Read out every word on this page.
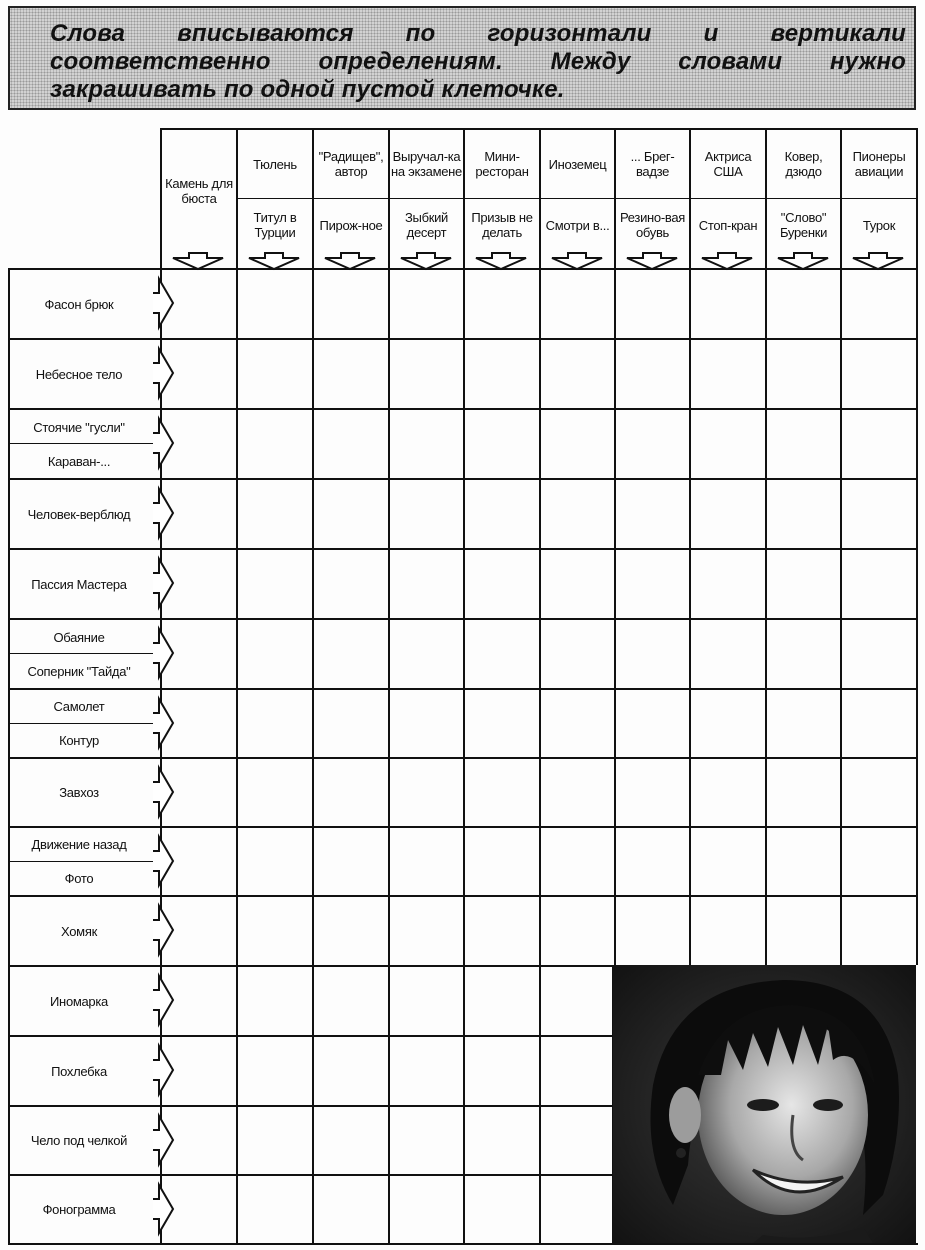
Слова вписываются по горизонтали и вертикали соответственно определениям. Между словами нужно закрашивать по одной пустой клеточке.
Камень для бюста
Тюлень
Титул в Турции
"Радищев", автор
Пирож-ное
Выручал-ка на экзамене
Зыбкий десерт
Мини-ресторан
Призыв не делать
Иноземец
Смотри в...
... Брег-вадзе
Резино-вая обувь
Актриса США
Стоп-кран
Ковер, дзюдо
"Слово" Буренки
Пионеры авиации
Турок
Фасон брюк
Небесное тело
Стоячие "гусли"
Караван-...
Человек-верблюд
Пассия Мастера
Обаяние
Соперник "Тайда"
Самолет
Контур
Завхоз
Движение назад
Фото
Хомяк
Иномарка
Похлебка
Чело под челкой
Фонограмма
